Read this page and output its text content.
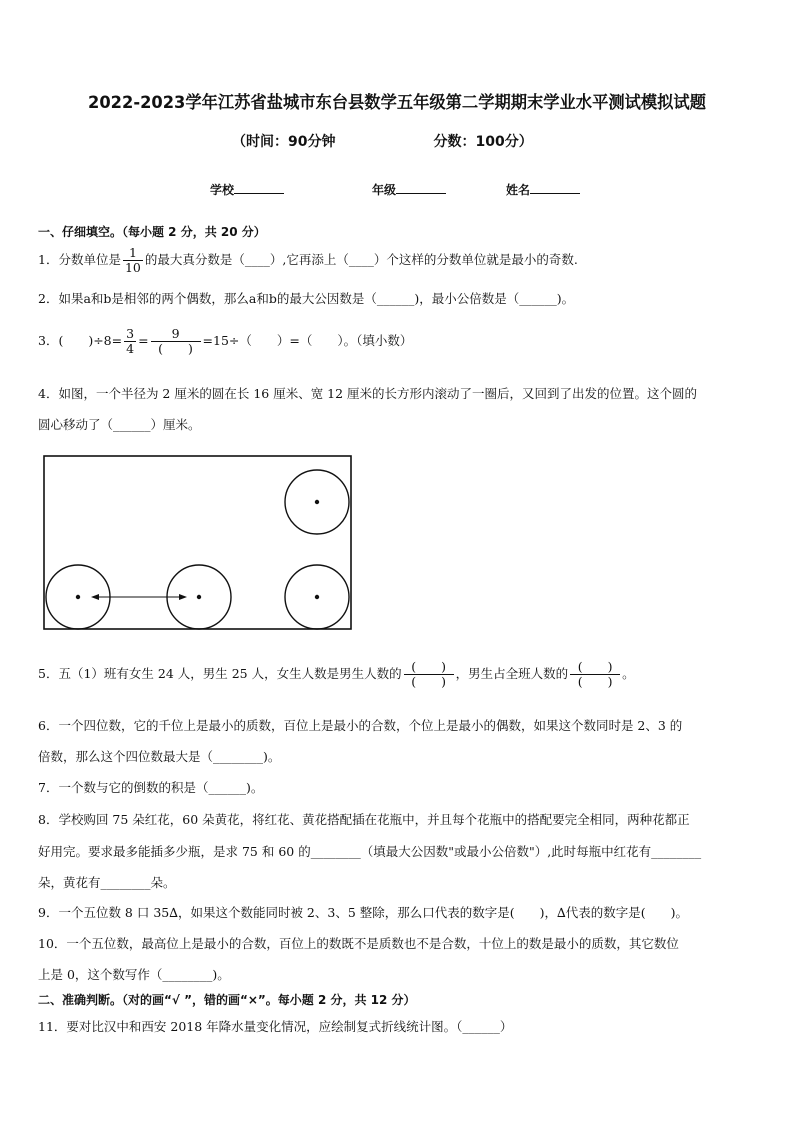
2022-2023学年江苏省盐城市东台县数学五年级第二学期期末学业水平测试模拟试题
（时间：90分钟	分数：100分）
学校	年级	姓名
一、仔细填空。（每小题 2 分，共 20 分）
1．分数单位是 $\frac{1}{10}$ 的最大真分数是（____）,它再添上（____）个这样的分数单位就是最小的奇数.
2．如果a和b是相邻的两个偶数，那么a和b的最大公因数是（______)，最小公倍数是（______)。
3．(　　)$\div 8= \frac{3}{4} = \frac{9}{( )} =15\div$（　　）=（　　）。（填小数）
4．如图，一个半径为 2 厘米的圆在长 16 厘米、宽 12 厘米的长方形内滚动了一圈后，又回到了出发的位置。这个圆的
圆心移动了（______）厘米。
5．五（1）班有女生 24 人，男生 25 人，女生人数是男生人数的 $\frac{( )}{( )}$ ，男生占全班人数的 $\frac{( )}{( )}$ 。
6．一个四位数，它的千位上是最小的质数，百位上是最小的合数，个位上是最小的偶数，如果这个数同时是 2、3 的
倍数，那么这个四位数最大是（________)。
7．一个数与它的倒数的积是（______)。
8．学校购回 75 朵红花，60 朵黄花，将红花、黄花搭配插在花瓶中，并且每个花瓶中的搭配要完全相同，两种花都正
好用完。要求最多能插多少瓶，是求 75 和 60 的________（填最大公因数"或最小公倍数"）,此时每瓶中红花有________
朵，黄花有________朵。
9．一个五位数 8 口 35∆，如果这个数能同时被 2、3、5 整除，那么口代表的数字是(　　)，∆代表的数字是(　　)。
10．一个五位数，最高位上是最小的合数，百位上的数既不是质数也不是合数，十位上的数是最小的质数，其它数位
上是 0，这个数写作（________)。
二、准确判断。（对的画“√ ”，错的画“×”。每小题 2 分，共 12 分）
11．要对比汉中和西安 2018 年降水量变化情况，应绘制复式折线统计图。（______）
